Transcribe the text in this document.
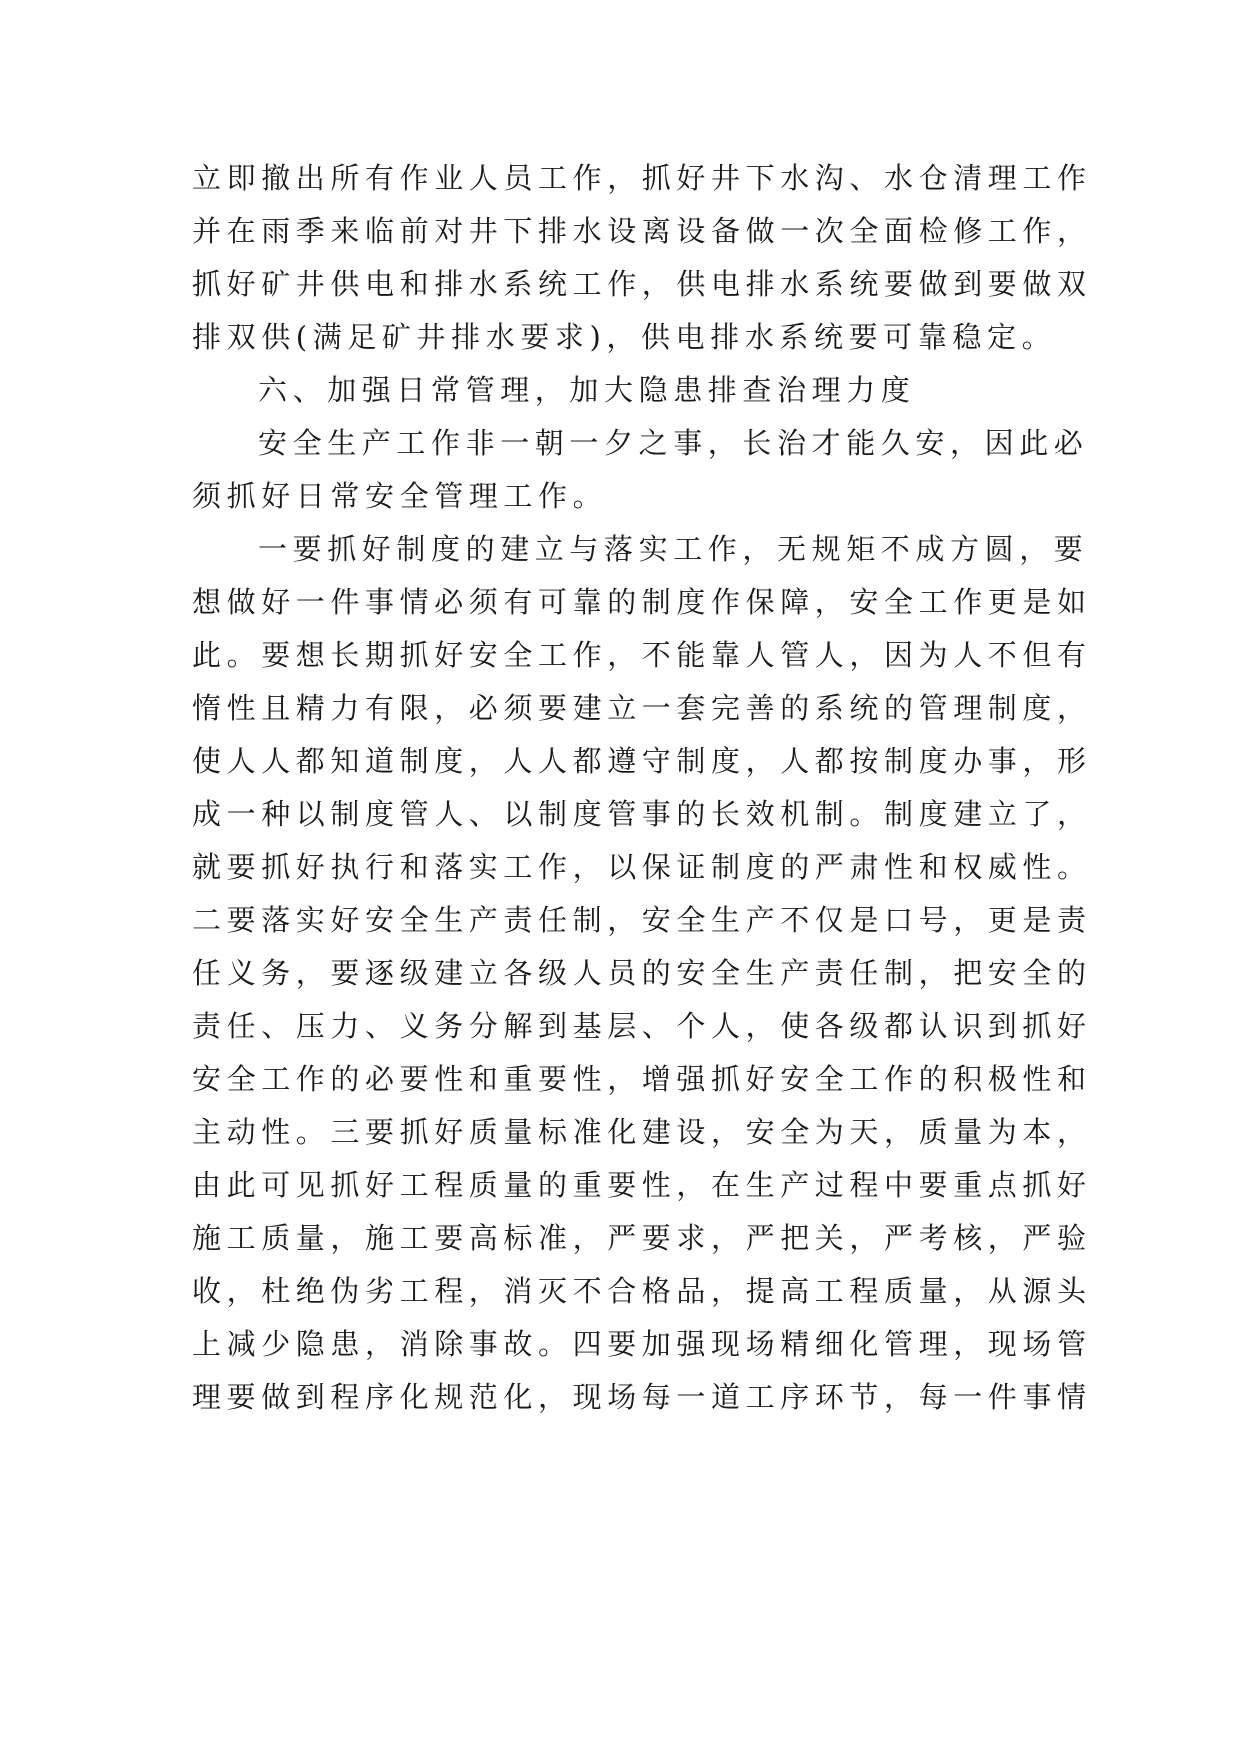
立即撤出所有作业人员工作，抓好井下水沟、水仓清理工作
并在雨季来临前对井下排水设离设备做一次全面检修工作，
抓好矿井供电和排水系统工作，供电排水系统要做到要做双
排双供(满足矿井排水要求)，供电排水系统要可靠稳定。
六、加强日常管理，加大隐患排查治理力度
安全生产工作非一朝一夕之事，长治才能久安，因此必
须抓好日常安全管理工作。
一要抓好制度的建立与落实工作，无规矩不成方圆，要
想做好一件事情必须有可靠的制度作保障，安全工作更是如
此。要想长期抓好安全工作，不能靠人管人，因为人不但有
惰性且精力有限，必须要建立一套完善的系统的管理制度，
使人人都知道制度，人人都遵守制度，人都按制度办事，形
成一种以制度管人、以制度管事的长效机制。制度建立了，
就要抓好执行和落实工作，以保证制度的严肃性和权威性。
二要落实好安全生产责任制，安全生产不仅是口号，更是责
任义务，要逐级建立各级人员的安全生产责任制，把安全的
责任、压力、义务分解到基层、个人，使各级都认识到抓好
安全工作的必要性和重要性，增强抓好安全工作的积极性和
主动性。三要抓好质量标准化建设，安全为天，质量为本，
由此可见抓好工程质量的重要性，在生产过程中要重点抓好
施工质量，施工要高标准，严要求，严把关，严考核，严验
收，杜绝伪劣工程，消灭不合格品，提高工程质量，从源头
上减少隐患，消除事故。四要加强现场精细化管理，现场管
理要做到程序化规范化，现场每一道工序环节，每一件事情
